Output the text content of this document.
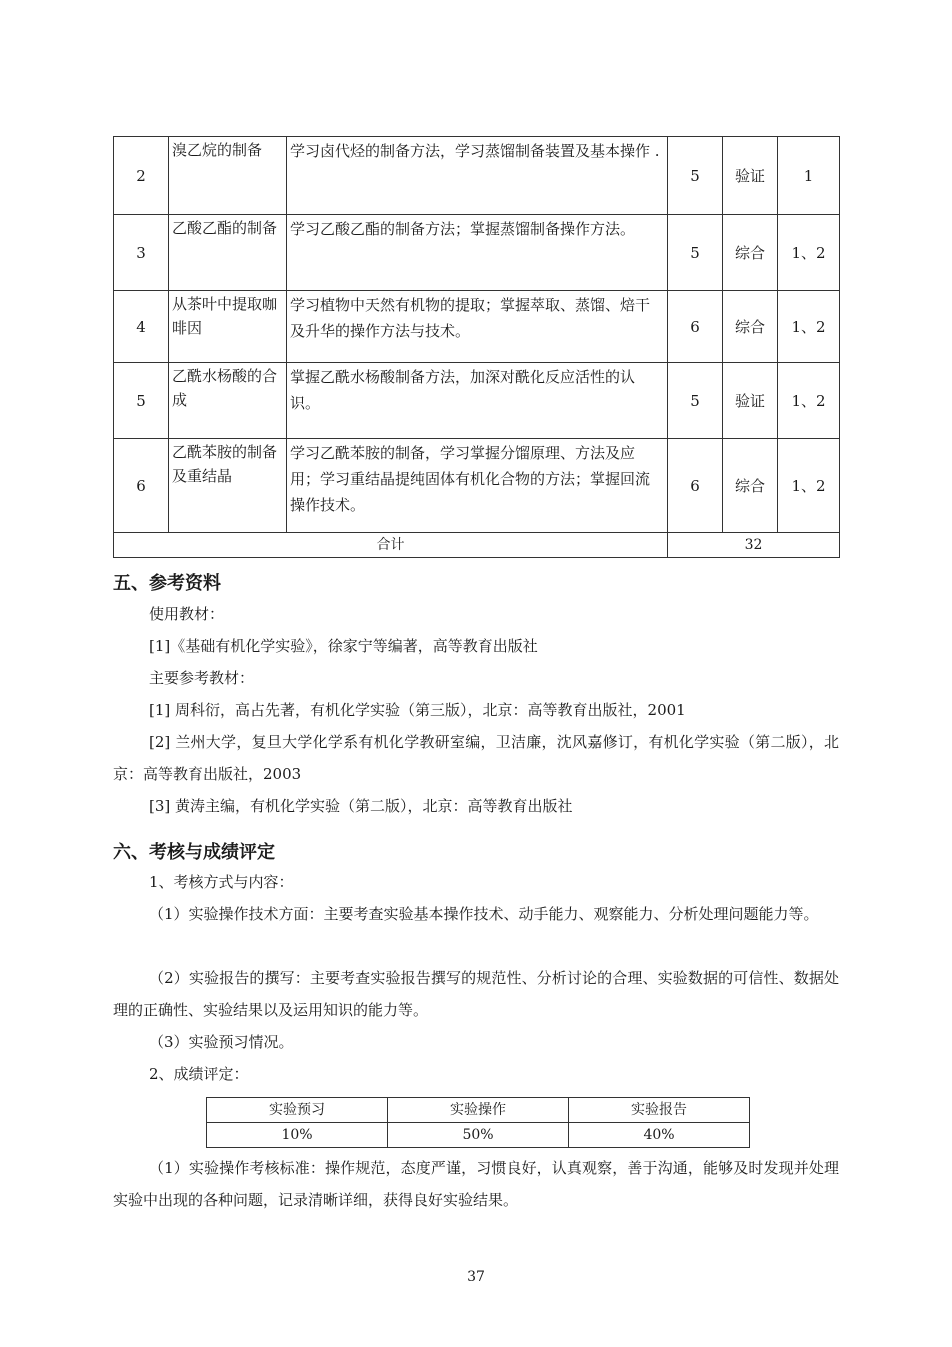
2	溴乙烷的制备	学习卤代烃的制备方法，学习蒸馏制备装置及基本操作 .	5	验证	1
3	乙酸乙酯的制备	学习乙酸乙酯的制备方法；掌握蒸馏制备操作方法。	5	综合	1、2
4	从茶叶中提取咖啡因	学习植物中天然有机物的提取；掌握萃取、蒸馏、焙干及升华的操作方法与技术。	6	综合	1、2
5	乙酰水杨酸的合成	掌握乙酰水杨酸制备方法，加深对酰化反应活性的认识。	5	验证	1、2
6	乙酰苯胺的制备及重结晶	学习乙酰苯胺的制备，学习掌握分馏原理、方法及应用；学习重结晶提纯固体有机化合物的方法；掌握回流操作技术。	6	综合	1、2
合计			32		
五、参考资料

使用教材：

[1]《基础有机化学实验》，徐家宁等编著，高等教育出版社

主要参考教材：

[1] 周科衍，高占先著，有机化学实验（第三版），北京：高等教育出版社，2001

[2] 兰州大学，复旦大学化学系有机化学教研室编，卫洁廉，沈风嘉修订，有机化学实验（第二版），北京：高等教育出版社，2003

[3] 黄涛主编，有机化学实验（第二版），北京：高等教育出版社

六、考核与成绩评定

1、考核方式与内容：

（1）实验操作技术方面：主要考查实验基本操作技术、动手能力、观察能力、分析处理问题能力等。

（2）实验报告的撰写：主要考查实验报告撰写的规范性、分析讨论的合理、实验数据的可信性、数据处理的正确性、实验结果以及运用知识的能力等。

（3）实验预习情况。

2、成绩评定：

实验预习	实验操作	实验报告
10%	50%	40%

（1）实验操作考核标准：操作规范，态度严谨，习惯良好，认真观察，善于沟通，能够及时发现并处理实验中出现的各种问题，记录清晰详细，获得良好实验结果。

37
